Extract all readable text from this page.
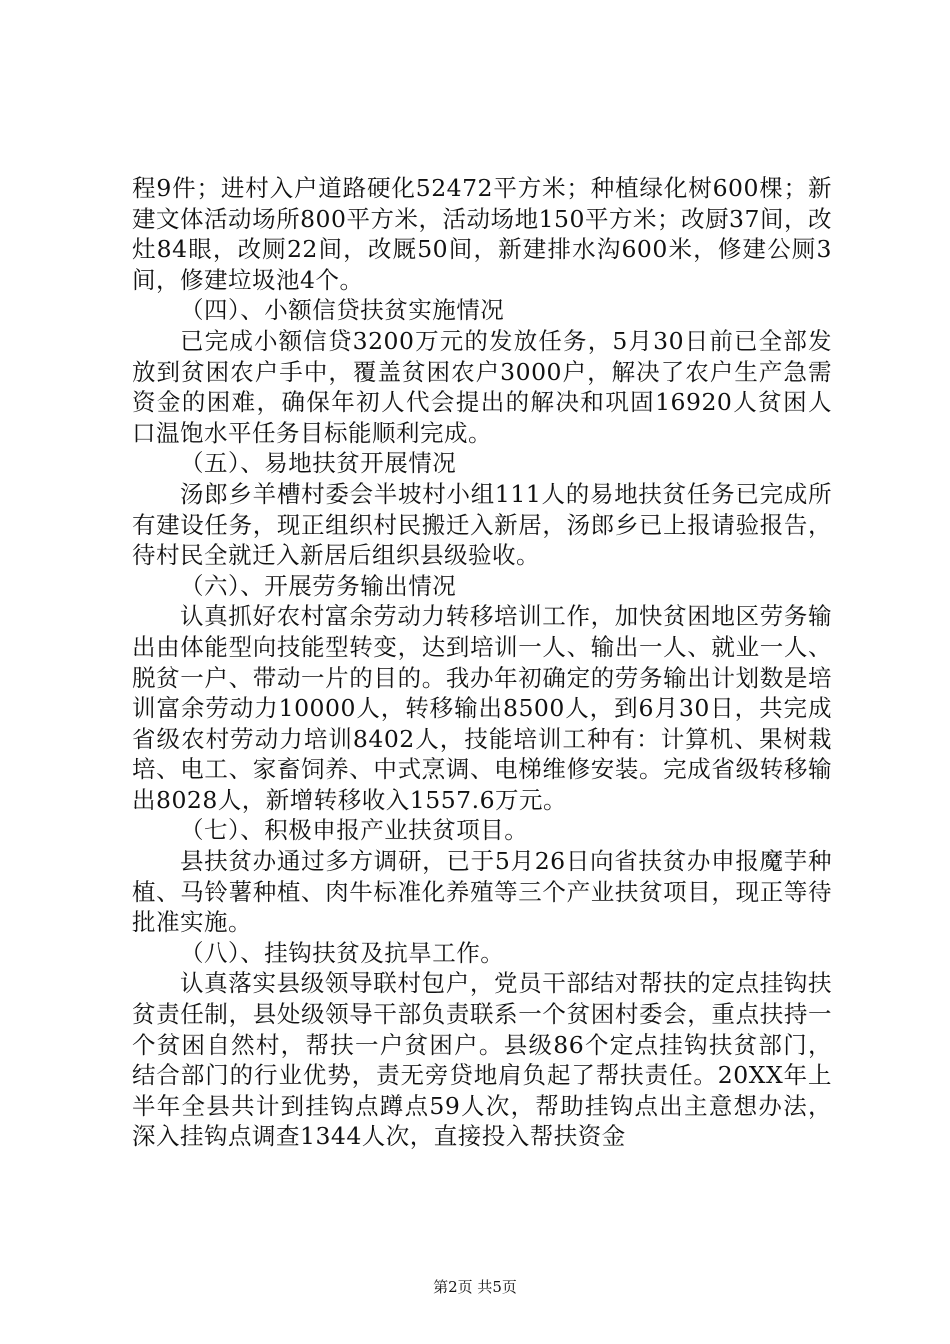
程9件；进村入户道路硬化52472平方米；种植绿化树600棵；新建文体活动场所800平方米，活动场地150平方米；改厨37间，改灶84眼，改厕22间，改厩50间，新建排水沟600米，修建公厕3间，修建垃圾池4个。

（四）、小额信贷扶贫实施情况

已完成小额信贷3200万元的发放任务，5月30日前已全部发放到贫困农户手中，覆盖贫困农户3000户，解决了农户生产急需资金的困难，确保年初人代会提出的解决和巩固16920人贫困人口温饱水平任务目标能顺利完成。

（五）、易地扶贫开展情况

汤郎乡羊槽村委会半坡村小组111人的易地扶贫任务已完成所有建设任务，现正组织村民搬迁入新居，汤郎乡已上报请验报告，待村民全就迁入新居后组织县级验收。

（六）、开展劳务输出情况

认真抓好农村富余劳动力转移培训工作，加快贫困地区劳务输出由体能型向技能型转变，达到培训一人、输出一人、就业一人、脱贫一户、带动一片的目的。我办年初确定的劳务输出计划数是培训富余劳动力10000人，转移输出8500人，到6月30日，共完成省级农村劳动力培训8402人，技能培训工种有：计算机、果树栽培、电工、家畜饲养、中式烹调、电梯维修安装。完成省级转移输出8028人，新增转移收入1557.6万元。

（七）、积极申报产业扶贫项目。

县扶贫办通过多方调研，已于5月26日向省扶贫办申报魔芋种植、马铃薯种植、肉牛标准化养殖等三个产业扶贫项目，现正等待批准实施。

（八）、挂钩扶贫及抗旱工作。

认真落实县级领导联村包户，党员干部结对帮扶的定点挂钩扶贫责任制，县处级领导干部负责联系一个贫困村委会，重点扶持一个贫困自然村，帮扶一户贫困户。县级86个定点挂钩扶贫部门，结合部门的行业优势，责无旁贷地肩负起了帮扶责任。20XX年上半年全县共计到挂钩点蹲点59人次，帮助挂钩点出主意想办法，深入挂钩点调查1344人次，直接投入帮扶资金

第2页 共5页
